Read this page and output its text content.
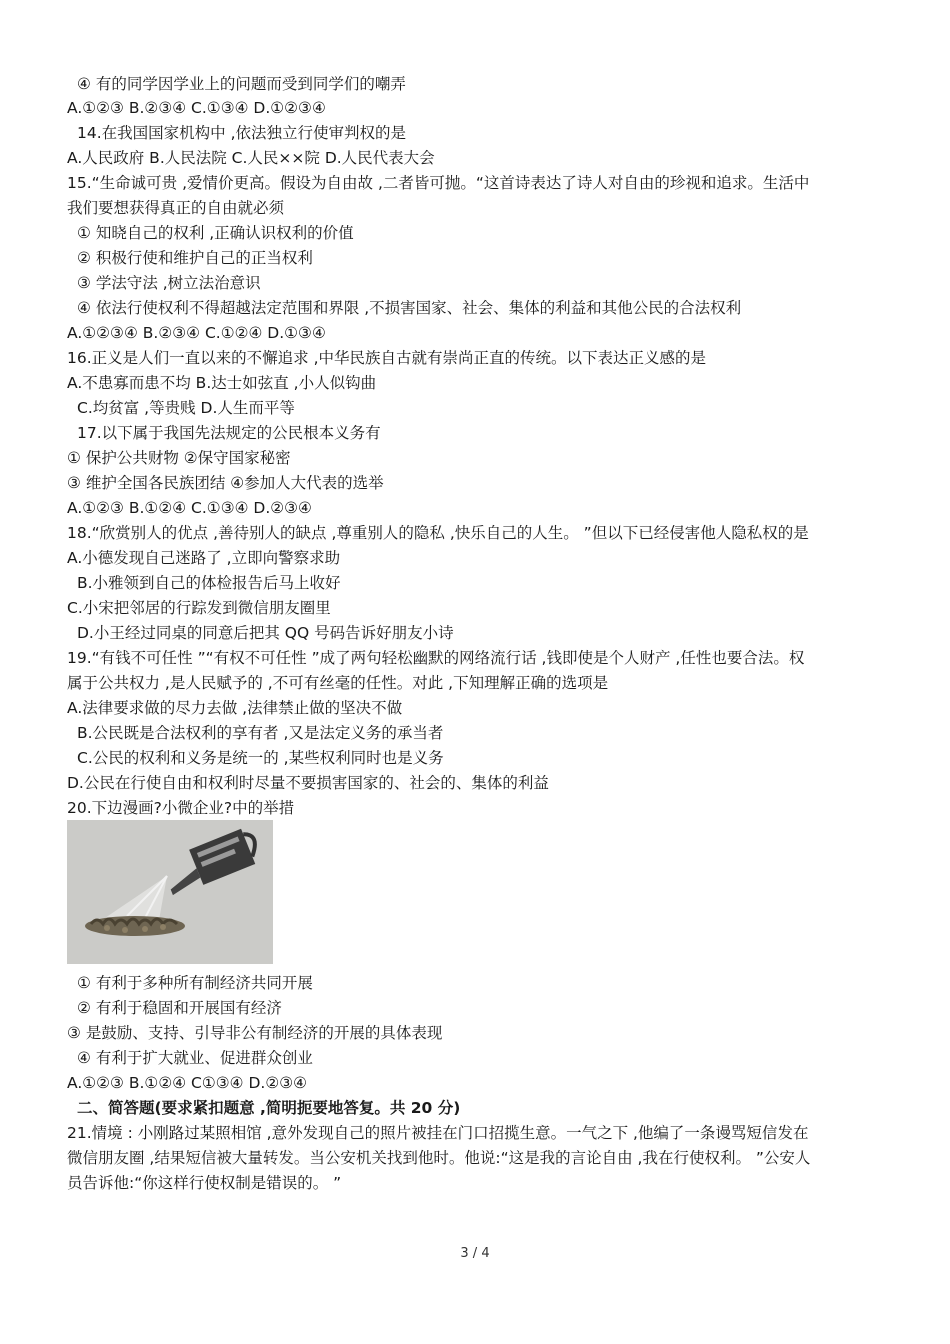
④ 有的同学因学业上的问题而受到同学们的嘲弄
A.①②③ B.②③④ C.①③④ D.①②③④
14.在我国国家机构中 ,依法独立行使审判权的是
A.人民政府 B.人民法院 C.人民××院 D.人民代表大会
15.“生命诚可贵 ,爱情价更高。假设为自由故 ,二者皆可抛。“这首诗表达了诗人对自由的珍视和追求。生活中
我们要想获得真正的自由就必须
① 知晓自己的权利 ,正确认识权利的价值
② 积极行使和维护自己的正当权利
③ 学法守法 ,树立法治意识
④ 依法行使权利不得超越法定范围和界限 ,不损害国家、社会、集体的利益和其他公民的合法权利
A.①②③④ B.②③④ C.①②④ D.①③④
16.正义是人们一直以来的不懈追求 ,中华民族自古就有崇尚正直的传统。以下表达正义感的是
A.不患寡而患不均 B.达士如弦直 ,小人似钩曲
C.均贫富 ,等贵贱 D.人生而平等
17.以下属于我国先法规定的公民根本义务有
① 保护公共财物 ②保守国家秘密
③ 维护全国各民族团结 ④参加人大代表的选举
A.①②③ B.①②④ C.①③④ D.②③④
18.“欣赏别人的优点 ,善待别人的缺点 ,尊重别人的隐私 ,快乐自己的人生。 ”但以下已经侵害他人隐私权的是
A.小德发现自己迷路了 ,立即向警察求助
B.小雅领到自己的体检报告后马上收好
C.小宋把邻居的行踪发到微信朋友圈里
D.小王经过同桌的同意后把其 QQ 号码告诉好朋友小诗
19.“有钱不可任性 ”“有权不可任性 ”成了两句轻松幽默的网络流行话 ,钱即使是个人财产 ,任性也要合法。权
属于公共权力 ,是人民赋予的 ,不可有丝毫的任性。对此 ,下知理解正确的选项是
A.法律要求做的尽力去做 ,法律禁止做的坚决不做
B.公民既是合法权利的享有者 ,又是法定义务的承当者
C.公民的权利和义务是统一的 ,某些权利同时也是义务
D.公民在行使自由和权利时尽量不要损害国家的、社会的、集体的利益
20.下边漫画?小微企业?中的举措
① 有利于多种所有制经济共同开展
② 有利于稳固和开展国有经济
③ 是鼓励、支持、引导非公有制经济的开展的具体表现
④ 有利于扩大就业、促进群众创业
A.①②③ B.①②④ C①③④ D.②③④
二、简答题(要求紧扣题意 ,简明扼要地答复。共 20 分)
21.情境 : 小刚路过某照相馆 ,意外发现自己的照片被挂在门口招揽生意。一气之下 ,他编了一条谩骂短信发在
微信朋友圈 ,结果短信被大量转发。当公安机关找到他时。他说:“这是我的言论自由 ,我在行使权利。 ”公安人
员告诉他:“你这样行使权制是错误的。 ”
3 / 4
